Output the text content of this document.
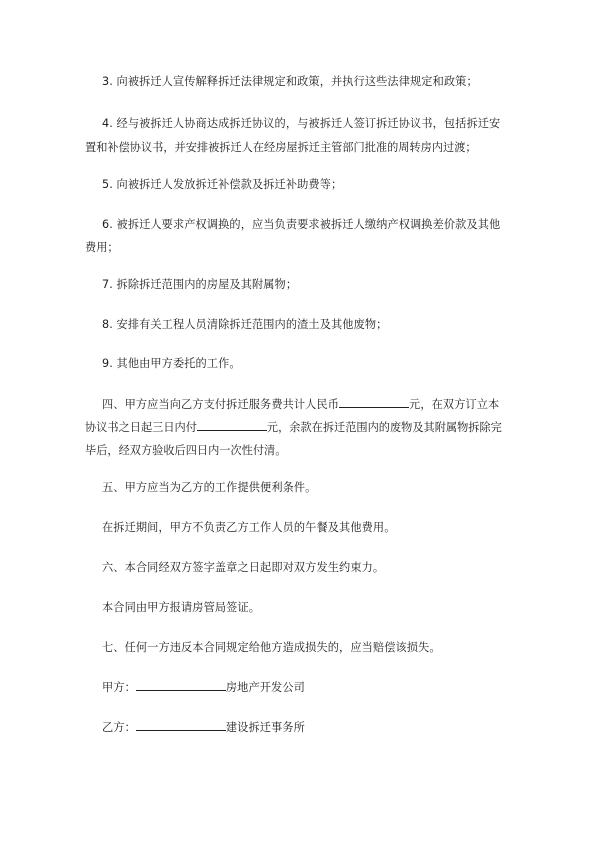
3. 向被拆迁人宣传解释拆迁法律规定和政策，并执行这些法律规定和政策；
4. 经与被拆迁人协商达成拆迁协议的，与被拆迁人签订拆迁协议书，包括拆迁安
置和补偿协议书，并安排被拆迁人在经房屋拆迁主管部门批准的周转房内过渡；
5. 向被拆迁人发放拆迁补偿款及拆迁补助费等；
6. 被拆迁人要求产权调换的，应当负责要求被拆迁人缴纳产权调换差价款及其他
费用；
7. 拆除拆迁范围内的房屋及其附属物；
8. 安排有关工程人员清除拆迁范围内的渣土及其他废物；
9. 其他由甲方委托的工作。
四、甲方应当向乙方支付拆迁服务费共计人民币	元，在双方订立本
协议书之日起三日内付	元，余款在拆迁范围内的废物及其附属物拆除完
毕后，经双方验收后四日内一次性付清。
五、甲方应当为乙方的工作提供便利条件。
在拆迁期间，甲方不负责乙方工作人员的午餐及其他费用。
六、本合同经双方签字盖章之日起即对双方发生约束力。
本合同由甲方报请房管局签证。
七、任何一方违反本合同规定给他方造成损失的，应当赔偿该损失。
甲方：	房地产开发公司
乙方：	建设拆迁事务所
